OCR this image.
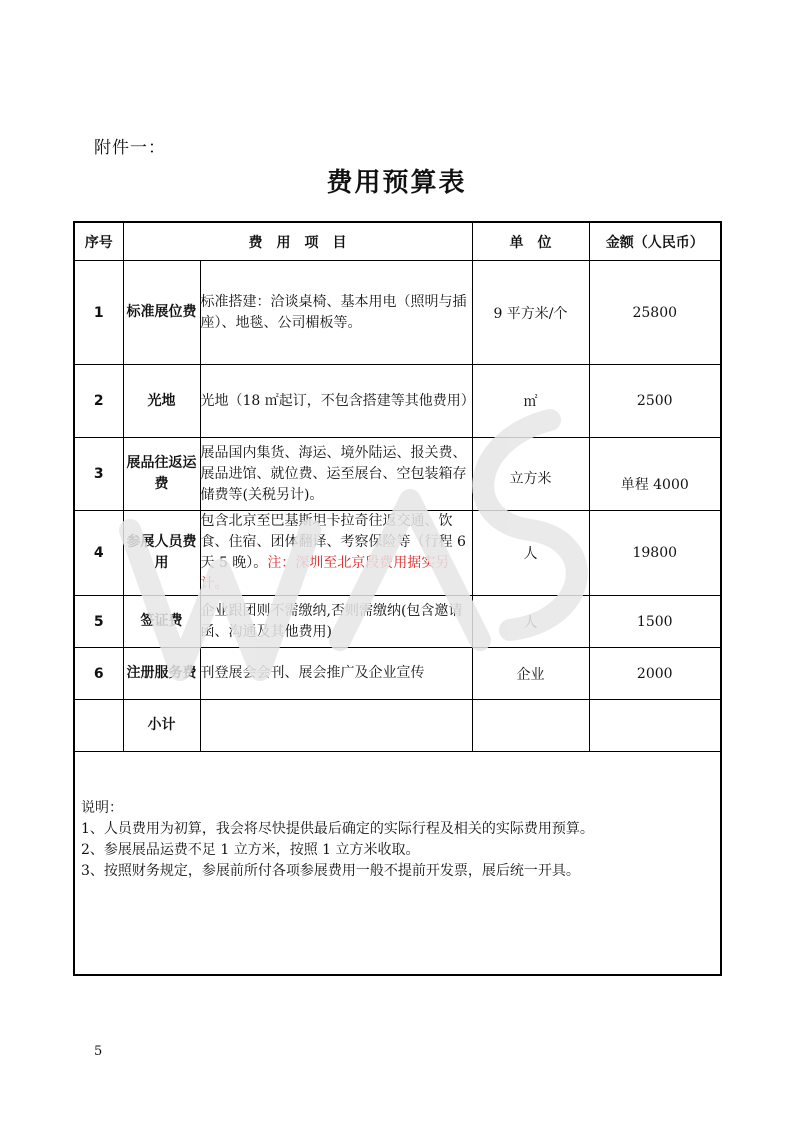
附件一：
费用预算表
序号	费　用　项　目		单　位	金额（人民币）
1	标准展位费	标准搭建：洽谈桌椅、基本用电（照明与插座）、地毯、公司楣板等。	9 平方米/个	25800
2	光地	光地（18 ㎡起订，不包含搭建等其他费用）	㎡	2500
3	展品往返运费	展品国内集货、海运、境外陆运、报关费、展品进馆、就位费、运至展台、空包装箱存储费等(关税另计)。	立方米	单程 4000
4	参展人员费用	包含北京至巴基斯坦卡拉奇往返交通、饮食、住宿、团体翻译、考察保险等（行程 6 天 5 晚）。注：深圳至北京段费用据实另计。	人	19800
5	签证费	企业跟团则不需缴纳,否则需缴纳(包含邀请函、沟通及其他费用)	人	1500
6	注册服务费	刊登展会会刊、展会推广及企业宣传	企业	2000
	小计			

说明：
1、人员费用为初算，我会将尽快提供最后确定的实际行程及相关的实际费用预算。
2、参展展品运费不足 1 立方米，按照 1 立方米收取。
3、按照财务规定，参展前所付各项参展费用一般不提前开发票，展后统一开具。				
5
